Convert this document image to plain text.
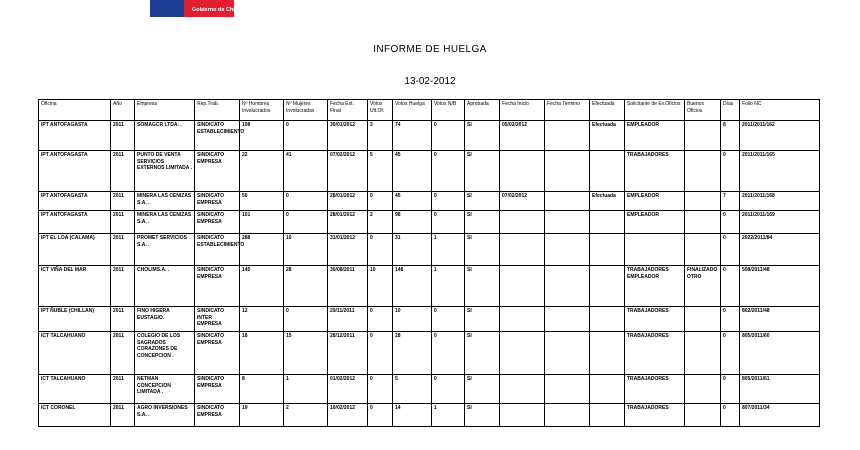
Gobierno de Chile
INFORME DE HUELGA
13-02-2012
Oficina	Año	Empresa	Rep.Trab.	Nº Hombres Involucrados	Nº Mujeres Involucradas	Fecha Ext. Final	Votos Ult.Of.	Votos Huelga	Votos N/B	Aprobada	Fecha Inicio	Fecha Termino	Efectuada	Solicitante de Ev.Oficios	Buenos Oficios	Días	Folio NC
IPT ANTOFAGASTA	2011	SOMAGCR LTDA. .	SINDICATO ESTABLECIMIENTO	108	0	30/01/2012	3	74	0	SI	05/02/2012		Efectuada	EMPLEADOR		8	2011/2011/162
IPT ANTOFAGASTA	2011	PUNTO DE VENTA SERVICIOS EXTERNOS LIMITADA .	SINDICATO EMPRESA	22	41	07/02/2012	5	45	0	SI				TRABAJADORES		0	2011/2011/165
IPT ANTOFAGASTA	2011	MINERA LAS CENIZAS S.A. .	SINDICATO EMPRESA	50	0	28/01/2012	0	45	0	SI	07/02/2012		Efectuada	EMPLEADOR		7	2011/2011/168
IPT ANTOFAGASTA	2011	MINERA LAS CENIZAS S.A. .	SINDICATO EMPRESA	101	0	28/01/2012	2	98	0	SI				EMPLEADOR		0	2011/2011/169
IPT EL LOA (CALAMA)	2011	PROMET SERVICIOS S.A. .	SINDICATO ESTABLECIMIENTO	288	10	31/01/2012	0	31	1	SI						0	2022/2011/84
ICT VIÑA DEL MAR	2011	CHOLIMS.A. .	SINDICATO EMPRESA	145	28	30/08/2011	10	148	1	SI				TRABAJADORES EMPLEADOR	FINALIZADO OTRO	0	508/2011/48
IPT ÑUBLE (CHILLAN)	2011	FINO HIGERA EUSTAGIO.	SINDICATO INTER EMPRESA	12	0	29/11/2011	0	10	0	SI				TRABAJADORES		0	802/2011/48
ICT TALCAHUANO	2011	COLEGIO DE LOS SAGRADOS CORAZONES DE CONCEPCION .	SINDICATO EMPRESA	18	15	28/12/2011	0	28	0	SI				TRABAJADORES		0	805/2011/60
ICT TALCAHUANO	2011	NETMAN CONCEPCION LIMITADA .	SINDICATO EMPRESA	8	1	01/02/2012	0	5	0	SI				TRABAJADORES		0	805/2011/61
ICT CORONEL	2011	AGRO INVERSIONES S.A. .	SINDICATO EMPRESA	19	2	10/02/2012	0	14	1	SI				TRABAJADORES		0	807/2011/34
